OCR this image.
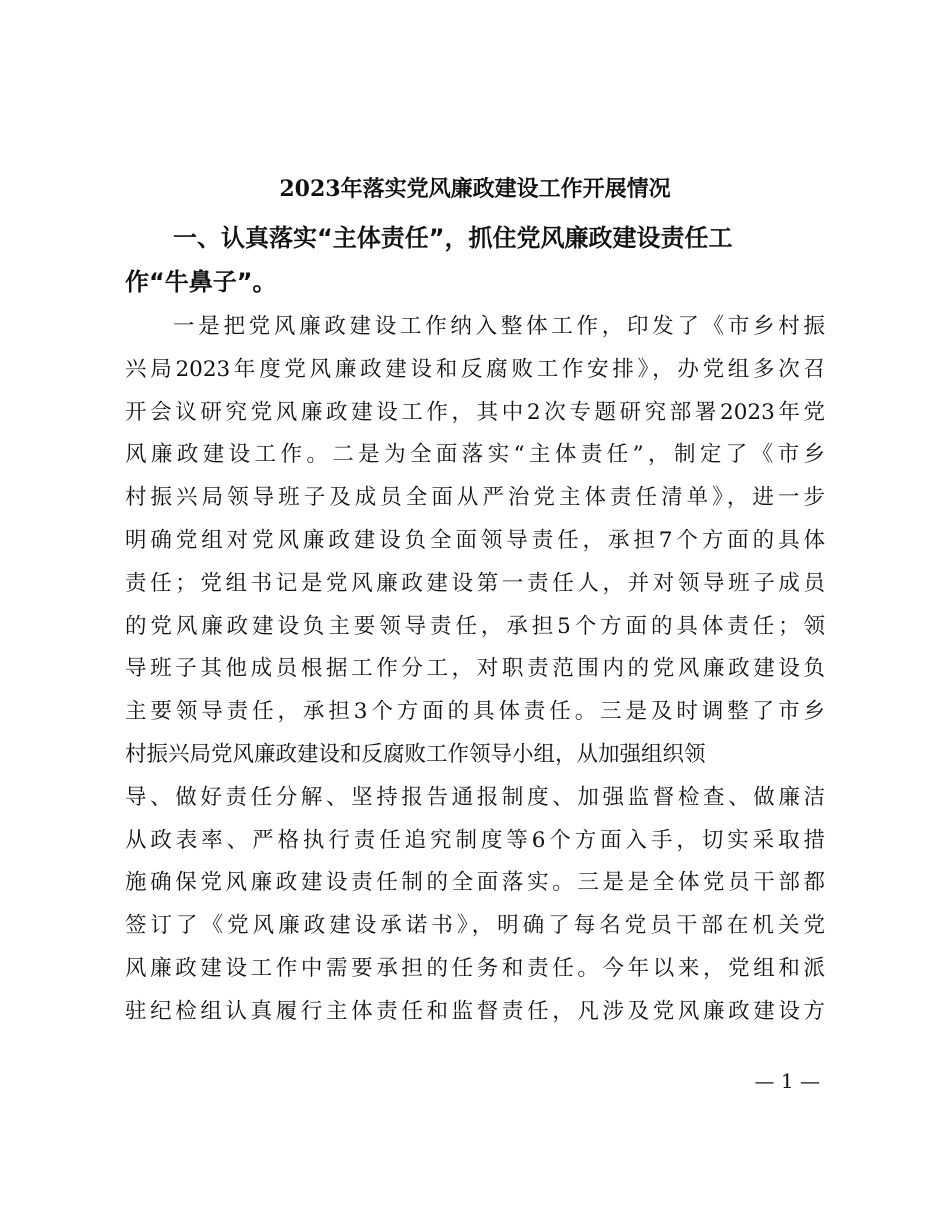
2023年落实党风廉政建设工作开展情况
一、认真落实“主体责任”，抓住党风廉政建设责任工
作“牛鼻子”。
一是把党风廉政建设工作纳入整体工作，印发了《市乡村振
兴局2023年度党风廉政建设和反腐败工作安排》，办党组多次召
开会议研究党风廉政建设工作，其中2次专题研究部署2023年党
风廉政建设工作。二是为全面落实“主体责任”，制定了《市乡
村振兴局领导班子及成员全面从严治党主体责任清单》，进一步
明确党组对党风廉政建设负全面领导责任，承担7个方面的具体
责任；党组书记是党风廉政建设第一责任人，并对领导班子成员
的党风廉政建设负主要领导责任，承担5个方面的具体责任；领
导班子其他成员根据工作分工，对职责范围内的党风廉政建设负
主要领导责任，承担3个方面的具体责任。三是及时调整了市乡
村振兴局党风廉政建设和反腐败工作领导小组，从加强组织领
导、做好责任分解、坚持报告通报制度、加强监督检查、做廉洁
从政表率、严格执行责任追究制度等6个方面入手，切实采取措
施确保党风廉政建设责任制的全面落实。三是是全体党员干部都
签订了《党风廉政建设承诺书》，明确了每名党员干部在机关党
风廉政建设工作中需要承担的任务和责任。今年以来，党组和派
驻纪检组认真履行主体责任和监督责任，凡涉及党风廉政建设方
— 1 —
